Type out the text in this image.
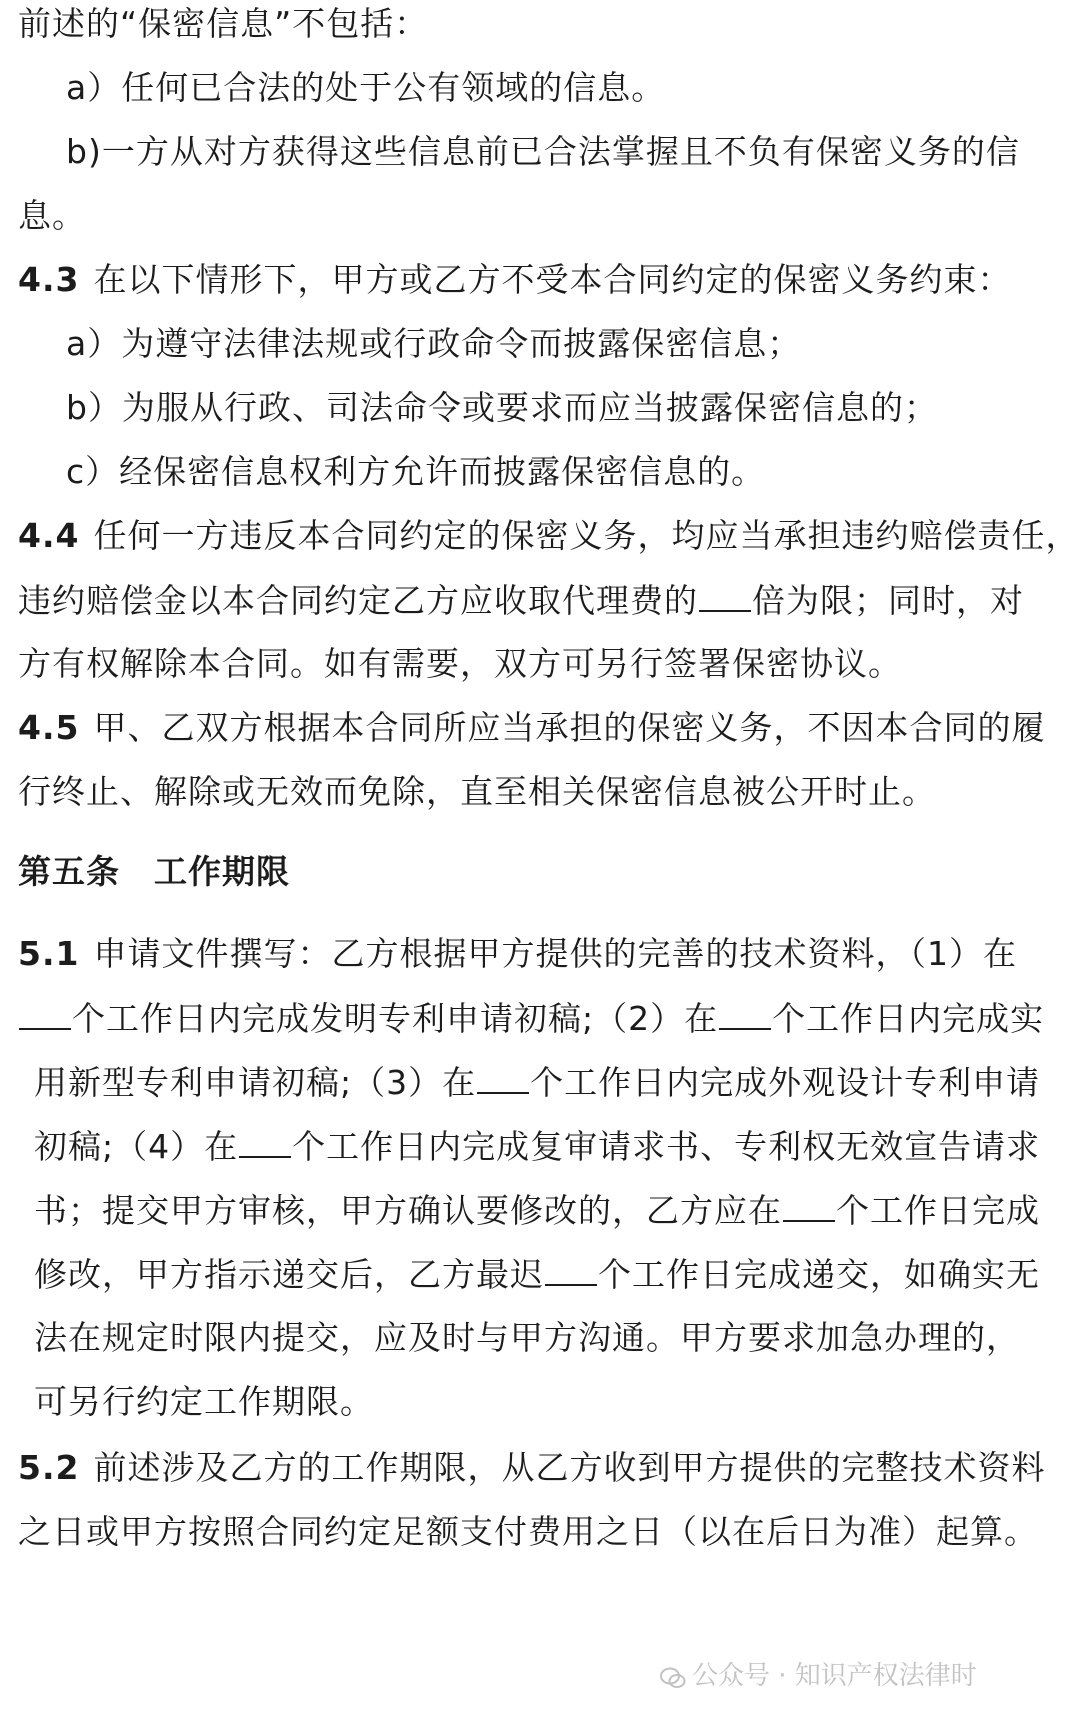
前述的“保密信息”不包括：
a）任何已合法的处于公有领域的信息。
b)一方从对方获得这些信息前已合法掌握且不负有保密义务的信
息。
4.3 在以下情形下，甲方或乙方不受本合同约定的保密义务约束：
a）为遵守法律法规或行政命令而披露保密信息；
b）为服从行政、司法命令或要求而应当披露保密信息的；
c）经保密信息权利方允许而披露保密信息的。
4.4 任何一方违反本合同约定的保密义务，均应当承担违约赔偿责任，
违约赔偿金以本合同约定乙方应收取代理费的 倍为限；同时，对
方有权解除本合同。如有需要，双方可另行签署保密协议。
4.5 甲、乙双方根据本合同所应当承担的保密义务，不因本合同的履
行终止、解除或无效而免除，直至相关保密信息被公开时止。
第五条　工作期限
5.1 申请文件撰写：乙方根据甲方提供的完善的技术资料，（1）在
个工作日内完成发明专利申请初稿;（2）在 个工作日内完成实
用新型专利申请初稿;（3）在 个工作日内完成外观设计专利申请
初稿;（4）在 个工作日内完成复审请求书、专利权无效宣告请求
书；提交甲方审核，甲方确认要修改的，乙方应在 个工作日完成
修改，甲方指示递交后，乙方最迟 个工作日完成递交，如确实无
法在规定时限内提交，应及时与甲方沟通。甲方要求加急办理的，
可另行约定工作期限。
5.2 前述涉及乙方的工作期限，从乙方收到甲方提供的完整技术资料
之日或甲方按照合同约定足额支付费用之日（以在后日为准）起算。
公众号 · 知识产权法律时
